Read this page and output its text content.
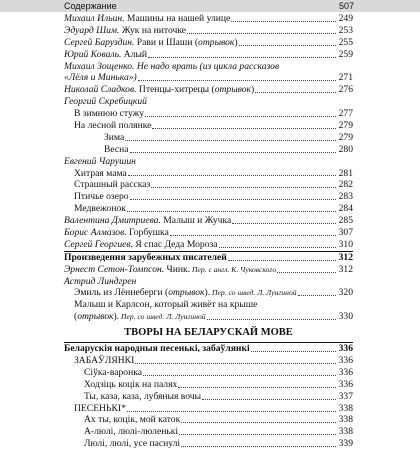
Содержание	507
Михаил Ильин. Машины на нашей улице	249
Эдуард Шим. Жук на ниточке	253
Сергей Баруздин. Рави и Шаши (отрывок)	255
Юрий Коваль. Алый	259
Михаил Зощенко. Не надо врать (из цикла рассказов
«Лёля и Минька»)	271
Николай Сладков. Птенцы-хитрецы (отрывок)	276
Георгий Скребицкий
В зимнюю стужу	277
На лесной полянке	279
Зима	279
Весна	280
Евгений Чарушин
Хитрая мама	281
Страшный рассказ	282
Птичье озеро	283
Медвежонок	284
Валентина Дмитриева. Малыш и Жучка	285
Борис Алмазов. Горбушка	307
Сергей Георгиев. Я спас Деда Мороза	310
Произведения зарубежных писателей	312
Эрнест Сетон-Томпсон. Чинк. Пер. с англ. К. Чуковского	312
Астрид Линдгрен
Эмиль из Лённеберги (отрывок). Пер. со швед. Л. Лунгиной	320
Малыш и Карлсон, который живёт на крыше
(отрывок). Пер. со швед. Л. Лунгиной	330
ТВОРЫ НА БЕЛАРУСКАЙ МОВЕ
Беларускія народныя песенькі, забаўлянкі	336
ЗАБАЎЛЯНКІ	336
Сіўка-варонка	336
Ходзіць коцік на палях	336
Ты, каза, каза, лубяныя вочы	337
ПЕСЕНЬКІ*	338
Ах ты, коцік, мой каток	338
А-люлі, люлі-люленькі	338
Люлі, люлі, усе паснулі	339
